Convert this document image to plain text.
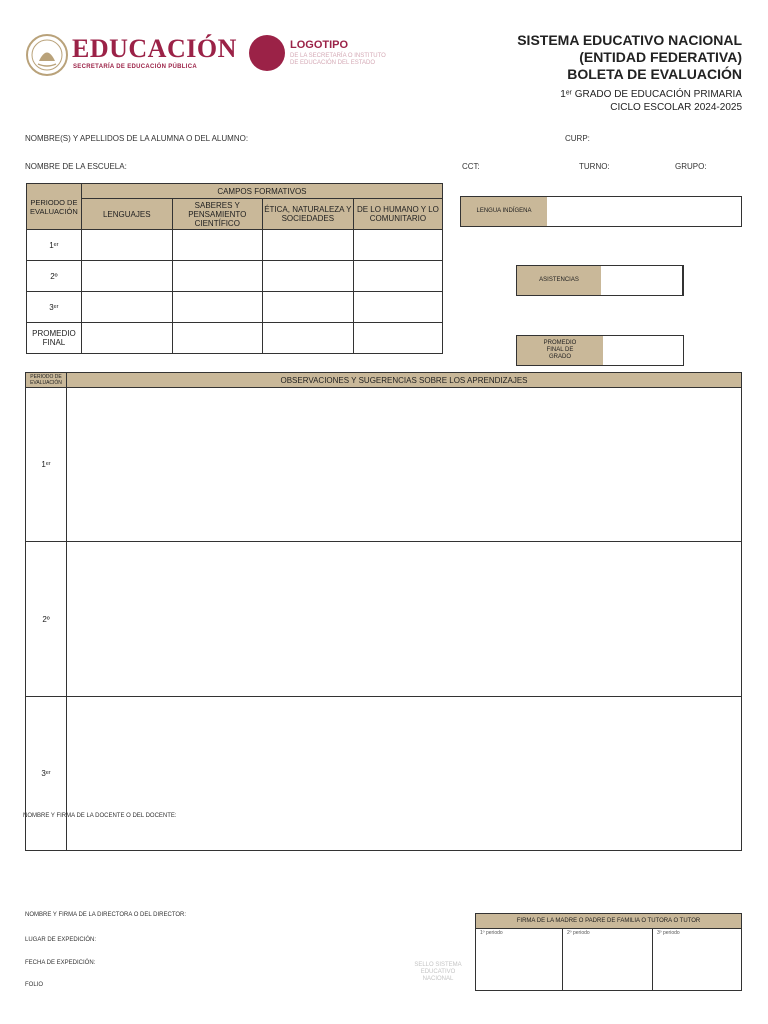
EDUCACIÓN
SECRETARÍA DE EDUCACIÓN PÚBLICA
LOGOTIPO
DE LA SECRETARÍA O INSTITUTO
DE EDUCACIÓN DEL ESTADO
SISTEMA EDUCATIVO NACIONAL
(ENTIDAD FEDERATIVA)
BOLETA DE EVALUACIÓN
1ᵉʳ GRADO DE EDUCACIÓN PRIMARIA
CICLO ESCOLAR 2024-2025
NOMBRE(S) Y APELLIDOS DE LA ALUMNA O DEL ALUMNO:	CURP:
NOMBRE DE LA ESCUELA:	CCT:	TURNO:	GRUPO:
PERIODO DE EVALUACIÓN	CAMPOS FORMATIVOS			
	LENGUAJES	SABERES Y PENSAMIENTO CIENTÍFICO	ÉTICA, NATURALEZA Y SOCIEDADES	DE LO HUMANO Y LO COMUNITARIO
1ᵉʳ				
2º				
3ᵉʳ				
PROMEDIO FINAL				
LENGUA INDÍGENA
ASISTENCIAS
PROMEDIO FINAL DE GRADO
PERIODO DE EVALUACIÓN	OBSERVACIONES Y SUGERENCIAS SOBRE LOS APRENDIZAJES
1ᵉʳ	
2º	
3ᵉʳ	
NOMBRE Y FIRMA DE LA DOCENTE O DEL DOCENTE:
NOMBRE Y FIRMA DE LA DIRECTORA O DEL DIRECTOR:
LUGAR DE EXPEDICIÓN:
FECHA DE EXPEDICIÓN:
FOLIO
SELLO SISTEMA EDUCATIVO NACIONAL
FIRMA DE LA MADRE O PADRE DE FAMILIA O TUTORA O TUTOR

1º periodo	2º periodo	3º periodo
